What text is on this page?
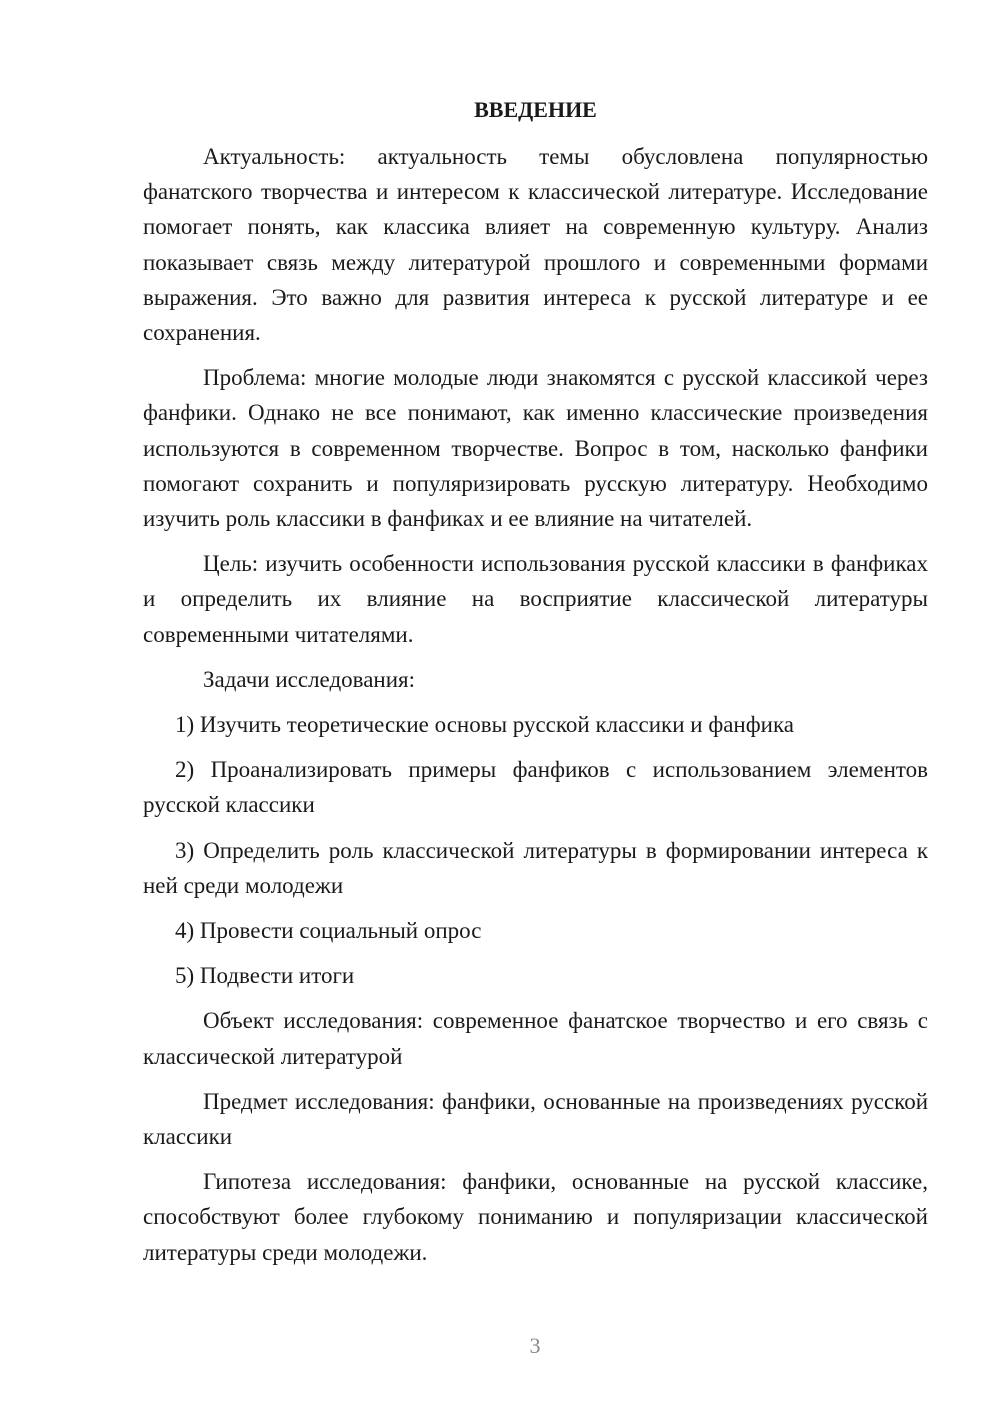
ВВЕДЕНИЕ

Актуальность: актуальность темы обусловлена популярностью фанатского творчества и интересом к классической литературе. Исследование помогает понять, как классика влияет на современную культуру. Анализ показывает связь между литературой прошлого и современными формами выражения. Это важно для развития интереса к русской литературе и ее сохранения.

Проблема: многие молодые люди знакомятся с русской классикой через фанфики. Однако не все понимают, как именно классические произведения используются в современном творчестве. Вопрос в том, насколько фанфики помогают сохранить и популяризировать русскую литературу. Необходимо изучить роль классики в фанфиках и ее влияние на читателей.

Цель: изучить особенности использования русской классики в фанфиках и определить их влияние на восприятие классической литературы современными читателями.

Задачи исследования:

1) Изучить теоретические основы русской классики и фанфика

2) Проанализировать примеры фанфиков с использованием элементов русской классики

3) Определить роль классической литературы в формировании интереса к ней среди молодежи

4) Провести социальный опрос

5) Подвести итоги

Объект исследования: современное фанатское творчество и его связь с классической литературой

Предмет исследования: фанфики, основанные на произведениях русской классики

Гипотеза исследования: фанфики, основанные на русской классике, способствуют более глубокому пониманию и популяризации классической литературы среди молодежи.

3
